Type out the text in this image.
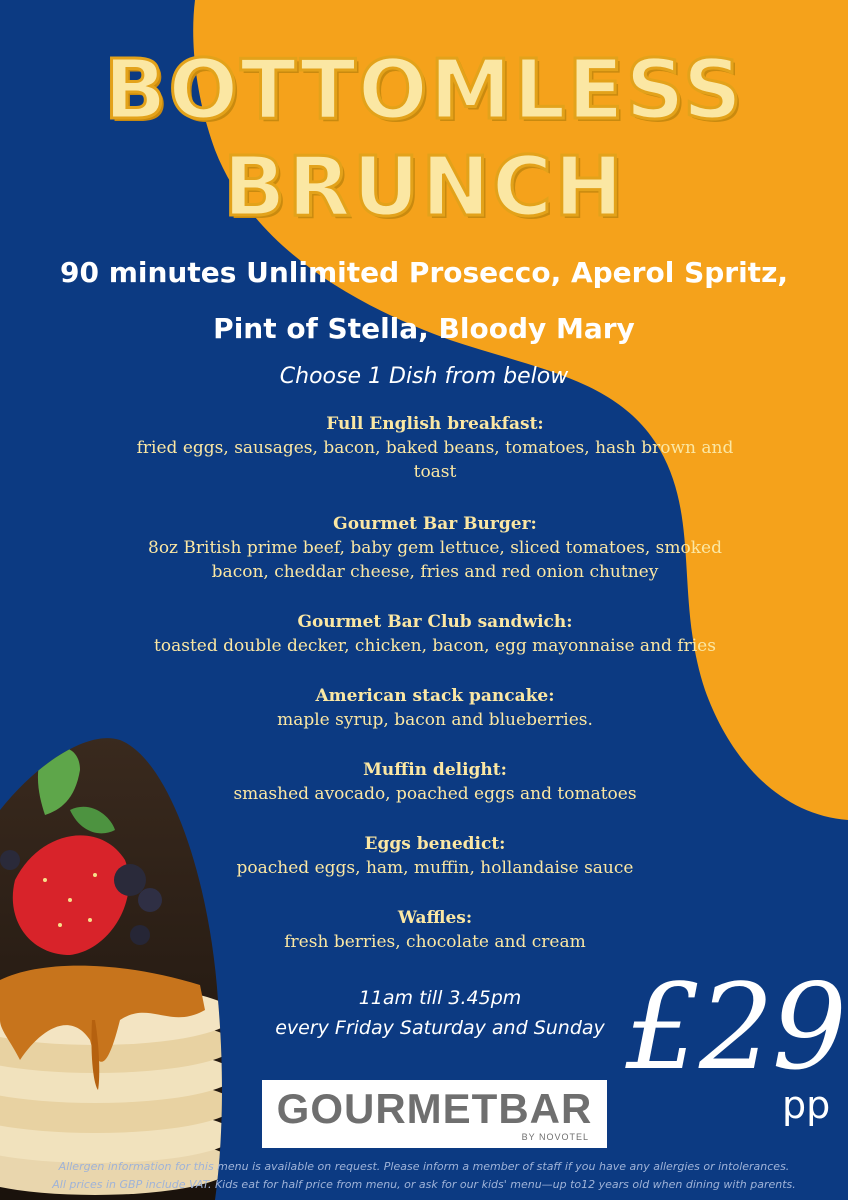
BOTTOMLESS
BRUNCH
90 minutes Unlimited Prosecco, Aperol Spritz,
Pint of Stella, Bloody Mary
Choose 1 Dish from below
Full English breakfast:
fried eggs, sausages, bacon, baked beans, tomatoes, hash brown and
toast
Gourmet Bar Burger:
8oz British prime beef, baby gem lettuce, sliced tomatoes, smoked
bacon, cheddar cheese, fries and red onion chutney
Gourmet Bar Club sandwich:
toasted double decker, chicken, bacon, egg mayonnaise and fries
American stack pancake:
maple syrup, bacon and blueberries.
Muffin delight:
smashed avocado, poached eggs and tomatoes
Eggs benedict:
poached eggs, ham, muffin, hollandaise sauce
Waffles:
fresh berries, chocolate and cream
11am till 3.45pm
every Friday Saturday and Sunday £29
pp
GOURMETBAR
BY NOVOTEL
Allergen information for this menu is available on request. Please inform a member of staff if you have any allergies or intolerances.
All prices in GBP include VAT. Kids eat for half price from menu, or ask for our kids' menu—up to12 years old when dining with parents.
